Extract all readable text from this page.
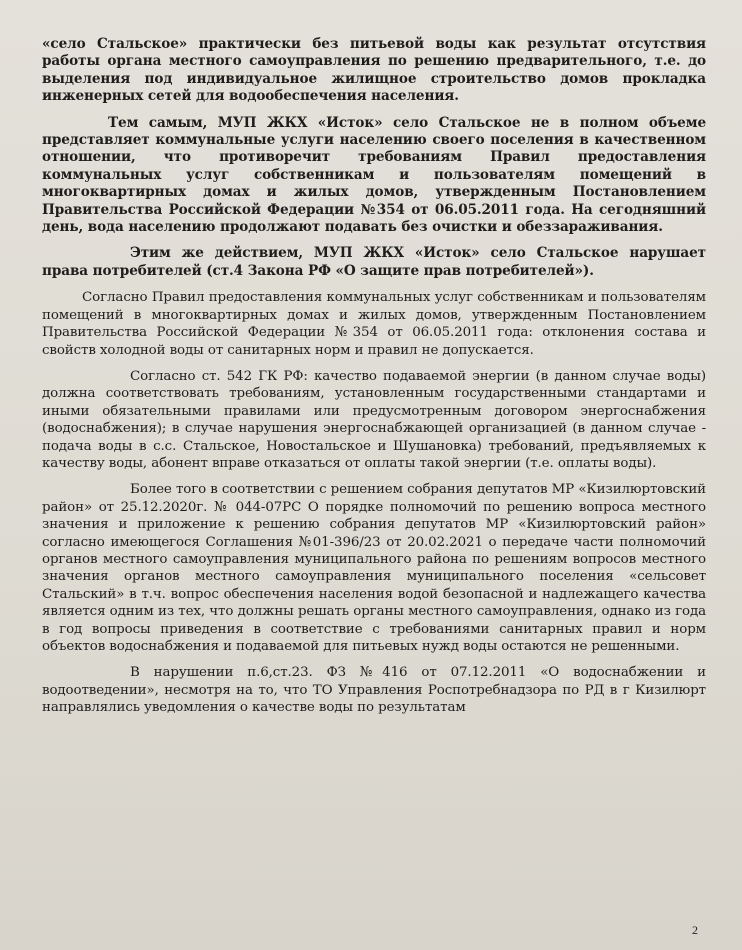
«село Стальское» практически без питьевой воды как результат отсутствия работы органа местного самоуправления по решению предварительного, т.е. до выделения под индивидуальное жилищное строительство домов прокладка инженерных сетей для водообеспечения населения.

Тем самым, МУП ЖКХ «Исток» село Стальское не в полном объеме представляет коммунальные услуги населению своего поселения в качественном отношении, что противоречит требованиям Правил предоставления коммунальных услуг собственникам и пользователям помещений в многоквартирных домах и жилых домов, утвержденным Постановлением Правительства Российской Федерации №354 от 06.05.2011 года. На сегодняшний день, вода населению продолжают подавать без очистки и обеззараживания.

Этим же действием, МУП ЖКХ «Исток» село Стальское нарушает права потребителей (ст.4 Закона РФ «О защите прав потребителей»).

Согласно Правил предоставления коммунальных услуг собственникам и пользователям помещений в многоквартирных домах и жилых домов, утвержденным Постановлением Правительства Российской Федерации №354 от 06.05.2011 года: отклонения состава и свойств холодной воды от санитарных норм и правил не допускается.

Согласно ст. 542 ГК РФ: качество подаваемой энергии (в данном случае воды) должна соответствовать требованиям, установленным государственными стандартами и иными обязательными правилами или предусмотренным договором энергоснабжения (водоснабжения); в случае нарушения энергоснабжающей организацией (в данном случае - подача воды в с.с. Стальское, Новостальское и Шушановка) требований, предъявляемых к качеству воды, абонент вправе отказаться от оплаты такой энергии (т.е. оплаты воды).

Более того в соответствии с решением собрания депутатов МР «Кизилюртовский район» от 25.12.2020г. № 044-07РС О порядке полномочий по решению вопроса местного значения и приложение к решению собрания депутатов МР «Кизилюртовский район» согласно имеющегося Соглашения №01-396/23 от 20.02.2021 о передаче части полномочий органов местного самоуправления муниципального района по решениям вопросов местного значения органов местного самоуправления муниципального поселения «сельсовет Стальский» в т.ч. вопрос обеспечения населения водой безопасной и надлежащего качества является одним из тех, что должны решать органы местного самоуправления, однако из года в год вопросы приведения в соответствие с требованиями санитарных правил и норм объектов водоснабжения и подаваемой для питьевых нужд воды остаются не решенными.

В нарушении п.6,ст.23. ФЗ №416 от 07.12.2011 «О водоснабжении и водоотведении», несмотря на то, что ТО Управления Роспотребнадзора по РД в г Кизилюрт направлялись уведомления о качестве воды по результатам

2
